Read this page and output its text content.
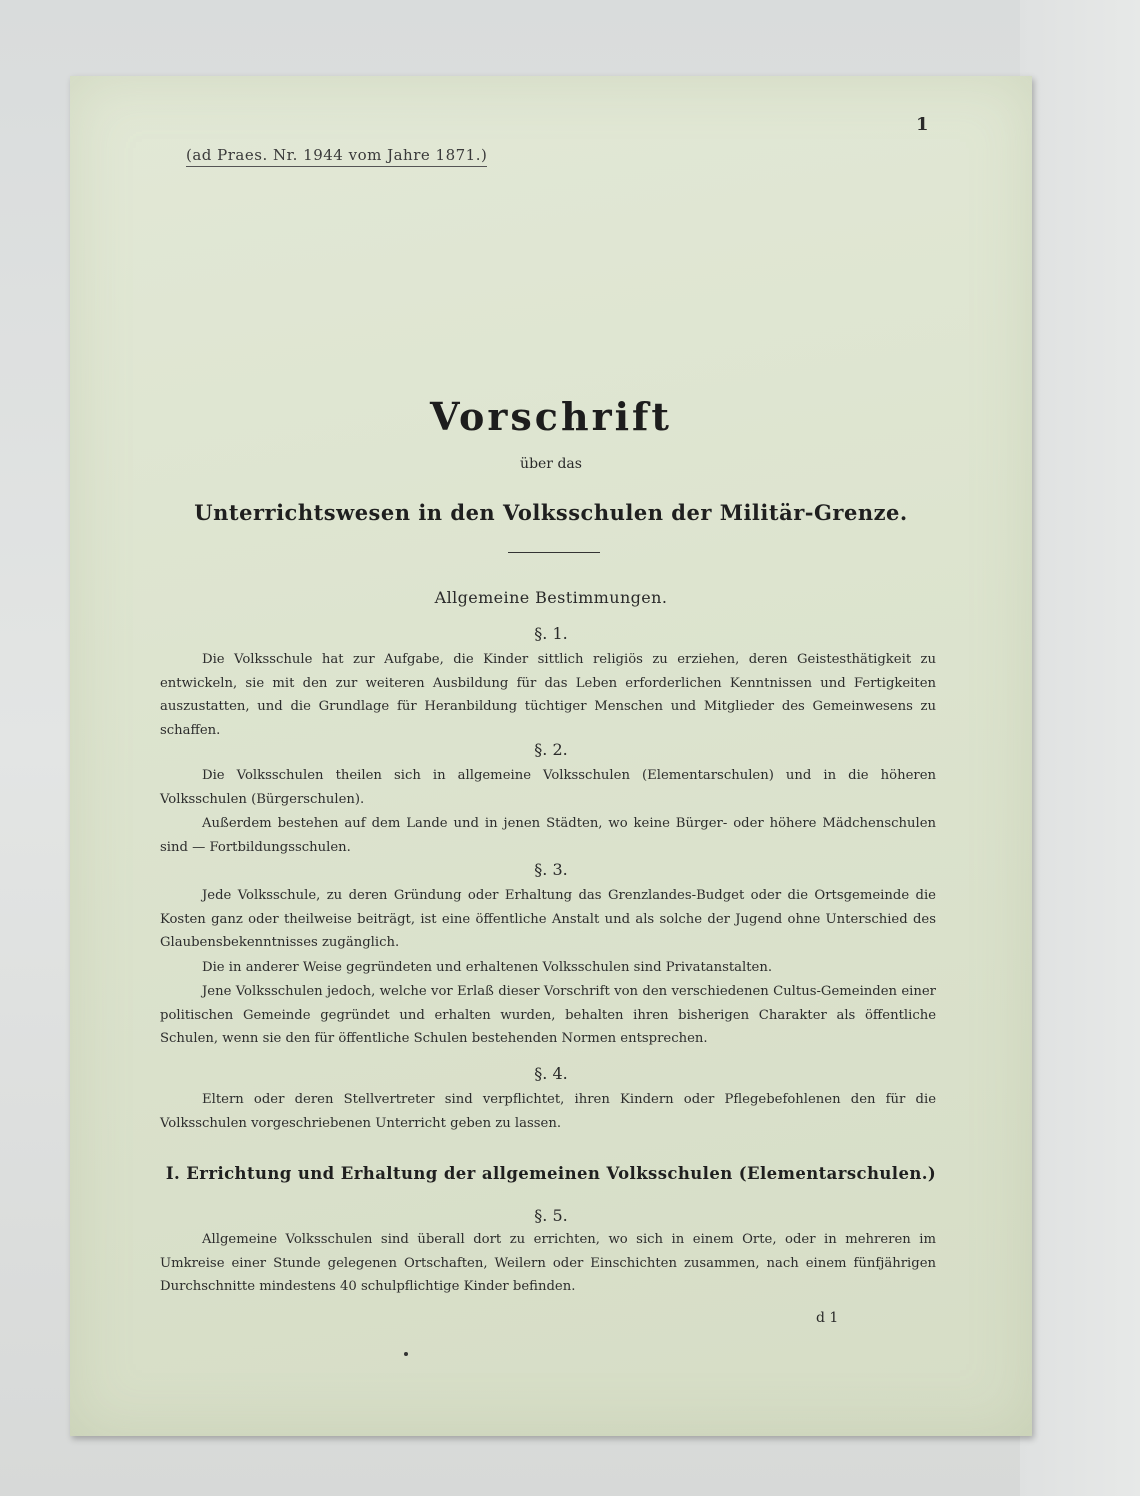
1
(ad Praes. Nr. 1944 vom Jahre 1871.)
Vorschrift
über das
Unterrichtswesen in den Volksschulen der Militär-Grenze.
Allgemeine Bestimmungen.
§. 1.
Die Volksschule hat zur Aufgabe, die Kinder sittlich religiös zu erziehen, deren Geistesthätigkeit zu entwickeln, sie mit den zur weiteren Ausbildung für das Leben erforderlichen Kenntnissen und Fertigkeiten auszustatten, und die Grundlage für Heranbildung tüchtiger Menschen und Mitglieder des Gemeinwesens zu schaffen.
§. 2.
Die Volksschulen theilen sich in allgemeine Volksschulen (Elementarschulen) und in die höheren Volksschulen (Bürgerschulen).
Außerdem bestehen auf dem Lande und in jenen Städten, wo keine Bürger- oder höhere Mädchenschulen sind — Fortbildungsschulen.
§. 3.
Jede Volksschule, zu deren Gründung oder Erhaltung das Grenzlandes-Budget oder die Ortsgemeinde die Kosten ganz oder theilweise beiträgt, ist eine öffentliche Anstalt und als solche der Jugend ohne Unterschied des Glaubensbekenntnisses zugänglich.
Die in anderer Weise gegründeten und erhaltenen Volksschulen sind Privatanstalten.
Jene Volksschulen jedoch, welche vor Erlaß dieser Vorschrift von den verschiedenen Cultus-Gemeinden einer politischen Gemeinde gegründet und erhalten wurden, behalten ihren bisherigen Charakter als öffentliche Schulen, wenn sie den für öffentliche Schulen bestehenden Normen entsprechen.
§. 4.
Eltern oder deren Stellvertreter sind verpflichtet, ihren Kindern oder Pflegebefohlenen den für die Volksschulen vorgeschriebenen Unterricht geben zu lassen.
I. Errichtung und Erhaltung der allgemeinen Volksschulen (Elementarschulen.)
§. 5.
Allgemeine Volksschulen sind überall dort zu errichten, wo sich in einem Orte, oder in mehreren im Umkreise einer Stunde gelegenen Ortschaften, Weilern oder Einschichten zusammen, nach einem fünfjährigen Durchschnitte mindestens 40 schulpflichtige Kinder befinden.
d 1
